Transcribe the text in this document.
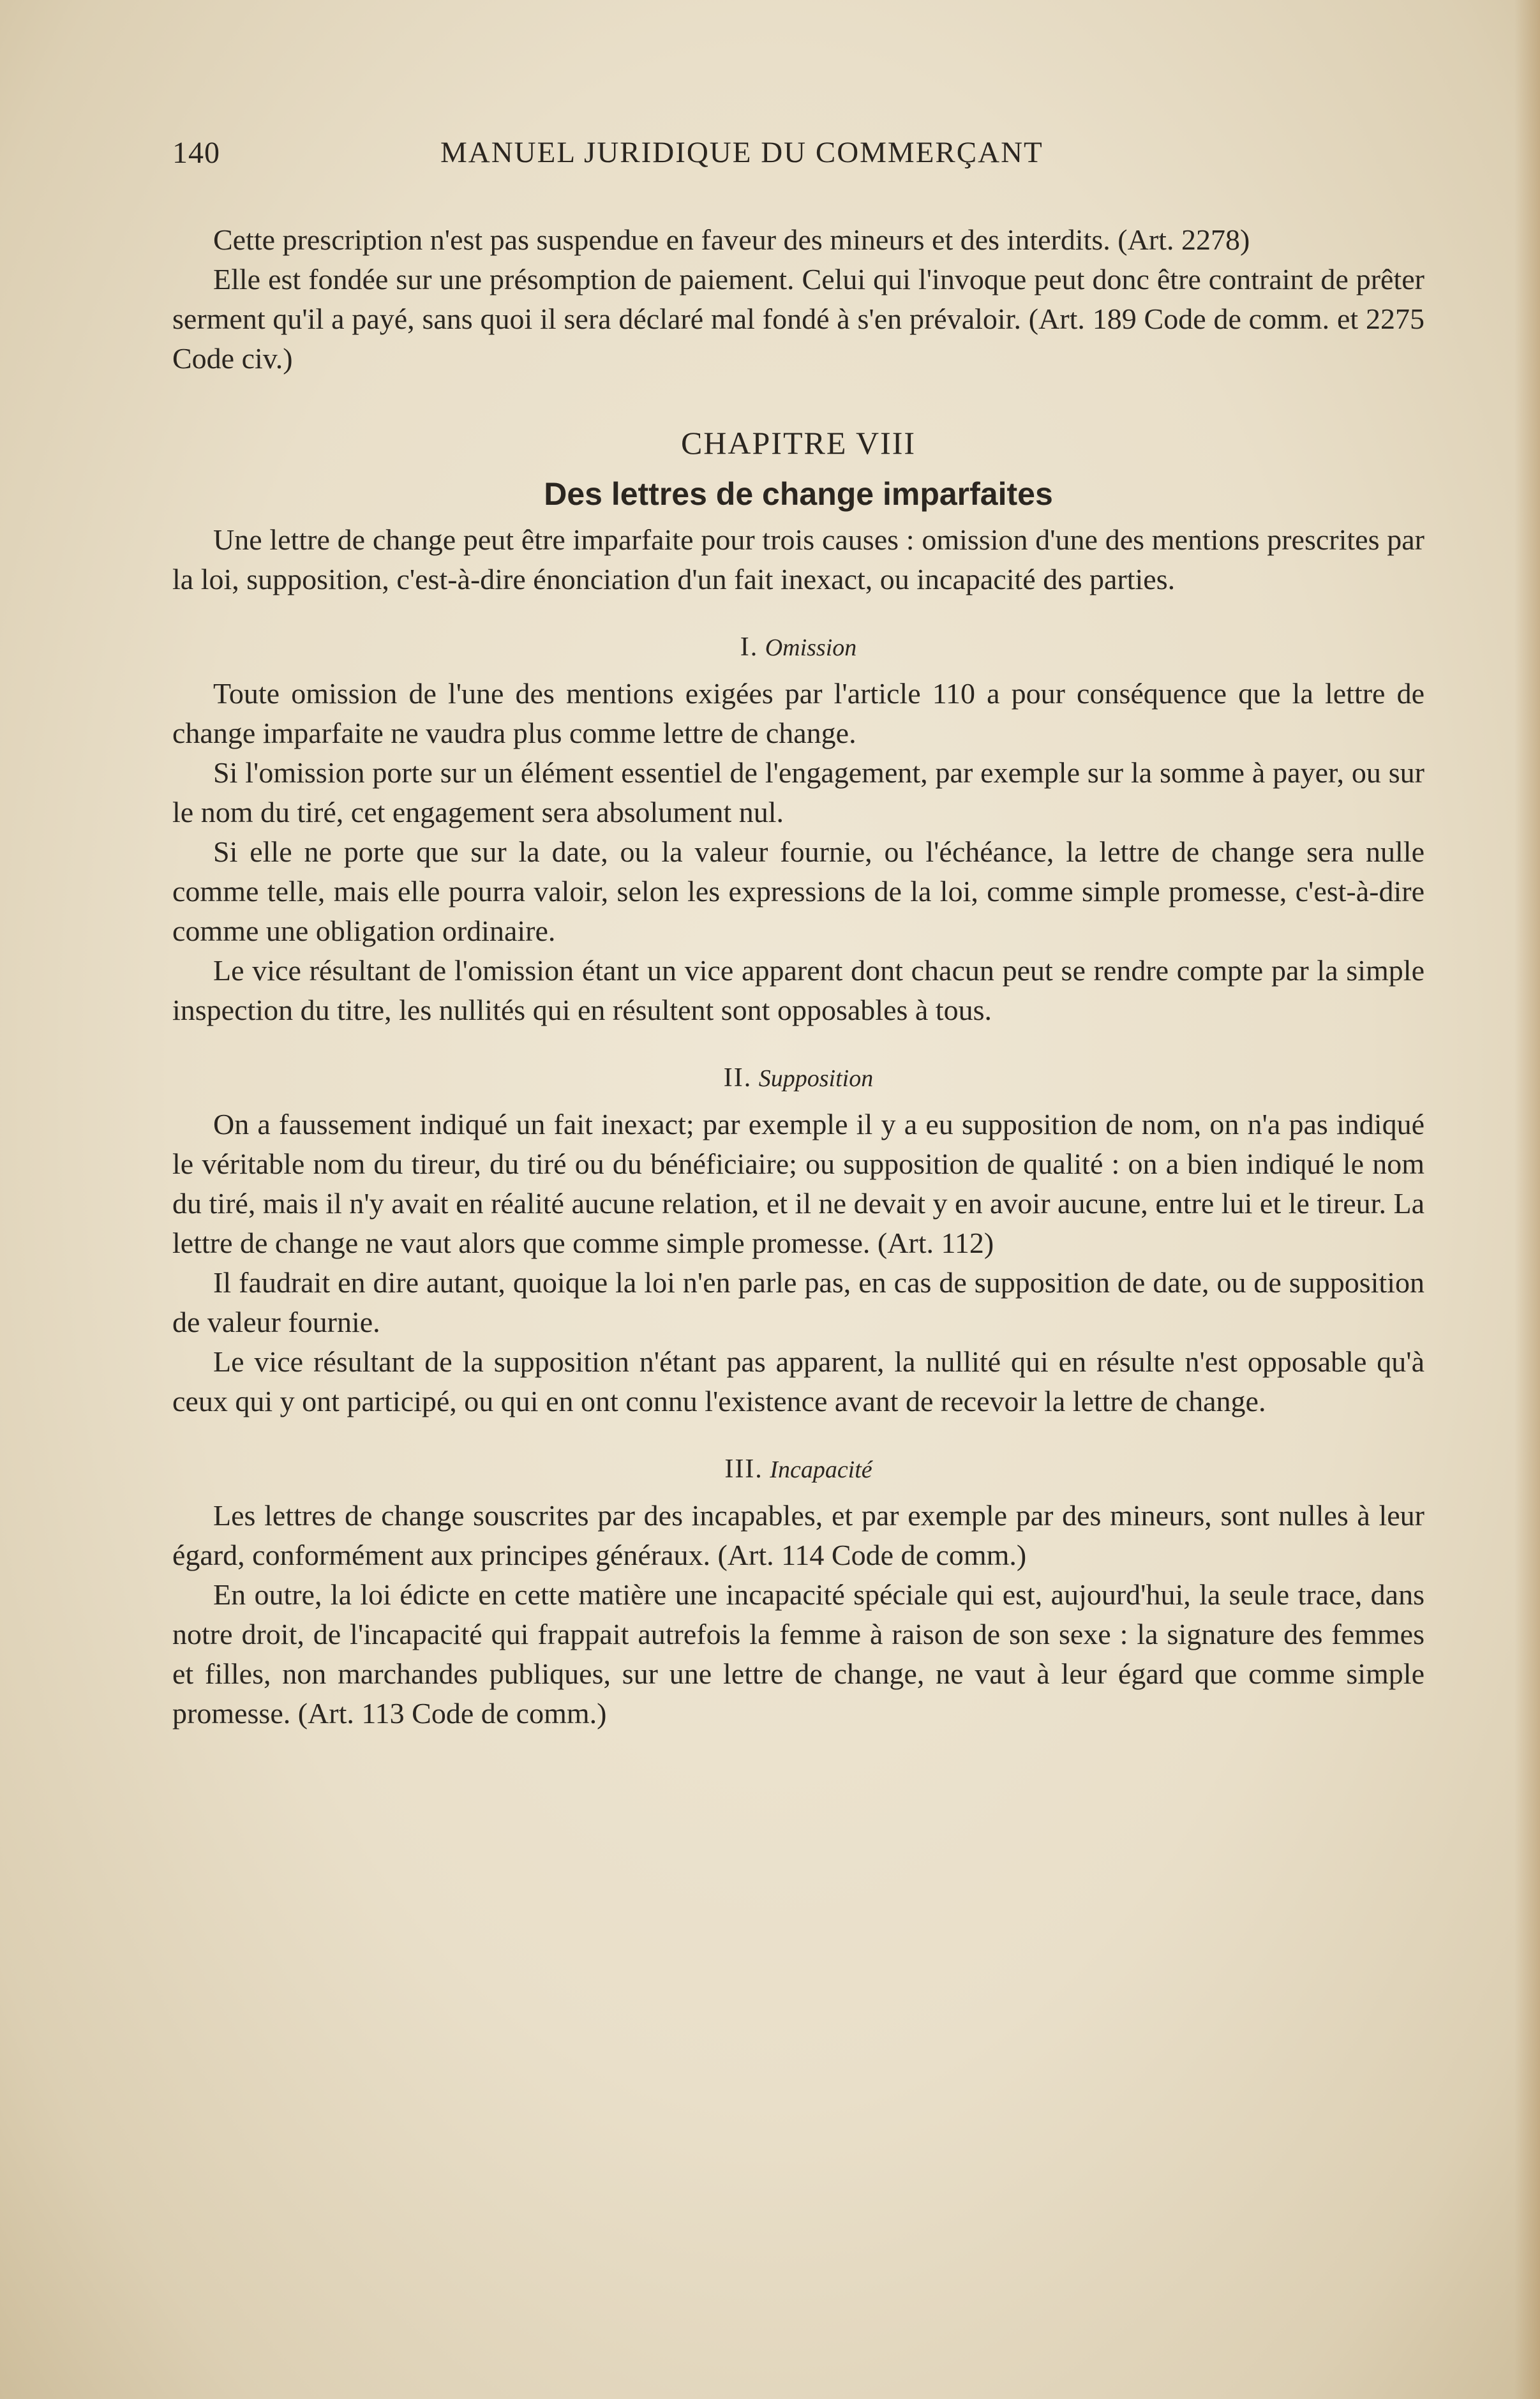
140	MANUEL JURIDIQUE DU COMMERÇANT

Cette prescription n'est pas suspendue en faveur des mineurs et des interdits. (Art. 2278)

Elle est fondée sur une présomption de paiement. Celui qui l'invoque peut donc être contraint de prêter serment qu'il a payé, sans quoi il sera déclaré mal fondé à s'en prévaloir. (Art. 189 Code de comm. et 2275 Code civ.)

CHAPITRE VIII
Des lettres de change imparfaites

Une lettre de change peut être imparfaite pour trois causes : omission d'une des mentions prescrites par la loi, supposition, c'est-à-dire énonciation d'un fait inexact, ou incapacité des parties.

I. Omission

Toute omission de l'une des mentions exigées par l'article 110 a pour conséquence que la lettre de change imparfaite ne vaudra plus comme lettre de change.

Si l'omission porte sur un élément essentiel de l'engagement, par exemple sur la somme à payer, ou sur le nom du tiré, cet engagement sera absolument nul.

Si elle ne porte que sur la date, ou la valeur fournie, ou l'échéance, la lettre de change sera nulle comme telle, mais elle pourra valoir, selon les expressions de la loi, comme simple promesse, c'est-à-dire comme une obligation ordinaire.

Le vice résultant de l'omission étant un vice apparent dont chacun peut se rendre compte par la simple inspection du titre, les nullités qui en résultent sont opposables à tous.

II. Supposition

On a faussement indiqué un fait inexact; par exemple il y a eu supposition de nom, on n'a pas indiqué le véritable nom du tireur, du tiré ou du bénéficiaire; ou supposition de qualité : on a bien indiqué le nom du tiré, mais il n'y avait en réalité aucune relation, et il ne devait y en avoir aucune, entre lui et le tireur. La lettre de change ne vaut alors que comme simple promesse. (Art. 112)

Il faudrait en dire autant, quoique la loi n'en parle pas, en cas de supposition de date, ou de supposition de valeur fournie.

Le vice résultant de la supposition n'étant pas apparent, la nullité qui en résulte n'est opposable qu'à ceux qui y ont participé, ou qui en ont connu l'existence avant de recevoir la lettre de change.

III. Incapacité

Les lettres de change souscrites par des incapables, et par exemple par des mineurs, sont nulles à leur égard, conformément aux principes généraux. (Art. 114 Code de comm.)

En outre, la loi édicte en cette matière une incapacité spéciale qui est, aujourd'hui, la seule trace, dans notre droit, de l'incapacité qui frappait autrefois la femme à raison de son sexe : la signature des femmes et filles, non marchandes publiques, sur une lettre de change, ne vaut à leur égard que comme simple promesse. (Art. 113 Code de comm.)
